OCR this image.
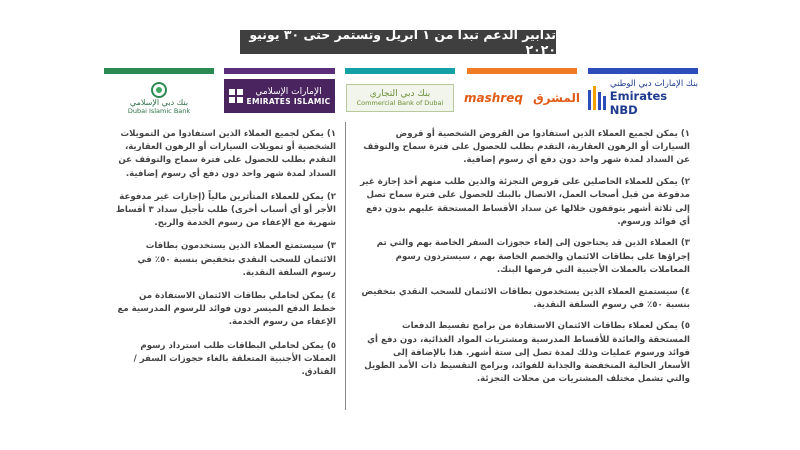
تدابير الدعم تبدأ من ١ أبريل وتستمر حتى ٣٠ يونيو ٢٠٢٠
بنك الإمارات دبي الوطني
Emirates NBD
mashreq المشرق
بنك دبي التجاري
Commercial Bank of Dubai
الإمارات الإسلامي
EMIRATES ISLAMIC
بنك دبي الإسلامي
Dubai Islamic Bank

١)يمكن لجميع العملاء الذين استفادوا من القروض الشخصية أو قروض السيارات أو الرهون العقارية، التقدم بطلب للحصول على فترة سماح والتوقف عن السداد لمدة شهر واحد دون دفع أي رسوم إضافية.

٢)يمكن للعملاء الحاصلين على قروض التجزئة والذين طلب منهم أخذ إجازة غير مدفوعة من قبل أصحاب العمل، الاتصال بالبنك للحصول على فترة سماح تصل إلى ثلاثة أشهر يتوقفون خلالها عن سداد الأقساط المستحقة عليهم بدون دفع أي فوائد ورسوم.

٣)العملاء الذين قد يحتاجون إلى إلغاء حجوزات السفر الخاصة بهم والتي تم إجراؤها على بطاقات الائتمان والخصم الخاصة بهم ، سيستردون رسوم المعاملات بالعملات الأجنبية التي فرضها البنك.

٤)سيستمتع العملاء الذين يستخدمون بطاقات الائتمان للسحب النقدي بتخفيض بنسبة ٥٠٪ في رسوم السلفة النقدية.

٥)يمكن لعملاء بطاقات الائتمان الاستفادة من برامج تقسيط الدفعات المستحقة والعائدة للأقساط المدرسية ومشتريات المواد الغذائية، دون دفع أي فوائد ورسوم عمليات وذلك لمدة تصل إلى ستة أشهر. هذا بالإضافة إلى الأسعار الحالية المنخفضة والجذابة للفوائد، وبرامج التقسيط ذات الأمد الطويل والتي تشمل مختلف المشتريات من محلات التجزئة.

١)يمكن لجميع العملاء الذين استفادوا من التمويلات الشخصية أو تمويلات السيارات أو الرهون العقارية، التقدم بطلب للحصول على فترة سماح والتوقف عن السداد لمدة شهر واحد دون دفع أي رسوم إضافية.

٢)يمكن للعملاء المتأثرين مالياً (إجازات غير مدفوعة الأجر أو أي أسباب أخرى) طلب تأجيل سداد ٣ أقساط شهرية مع الإعفاء من رسوم الخدمة والربح.

٣)سيستمتع العملاء الذين يستخدمون بطاقات الائتمان للسحب النقدي بتخفيض بنسبة ٥٠٪ في رسوم السلفة النقدية.

٤)يمكن لحاملي بطاقات الائتمان الاستفادة من خطط الدفع الميسر دون فوائد للرسوم المدرسية مع الإعفاء من رسوم الخدمة.

٥)يمكن لحاملي البطاقات طلب استرداد رسوم العملات الأجنبية المتعلقة بالغاء حجوزات السفر / الفنادق.
